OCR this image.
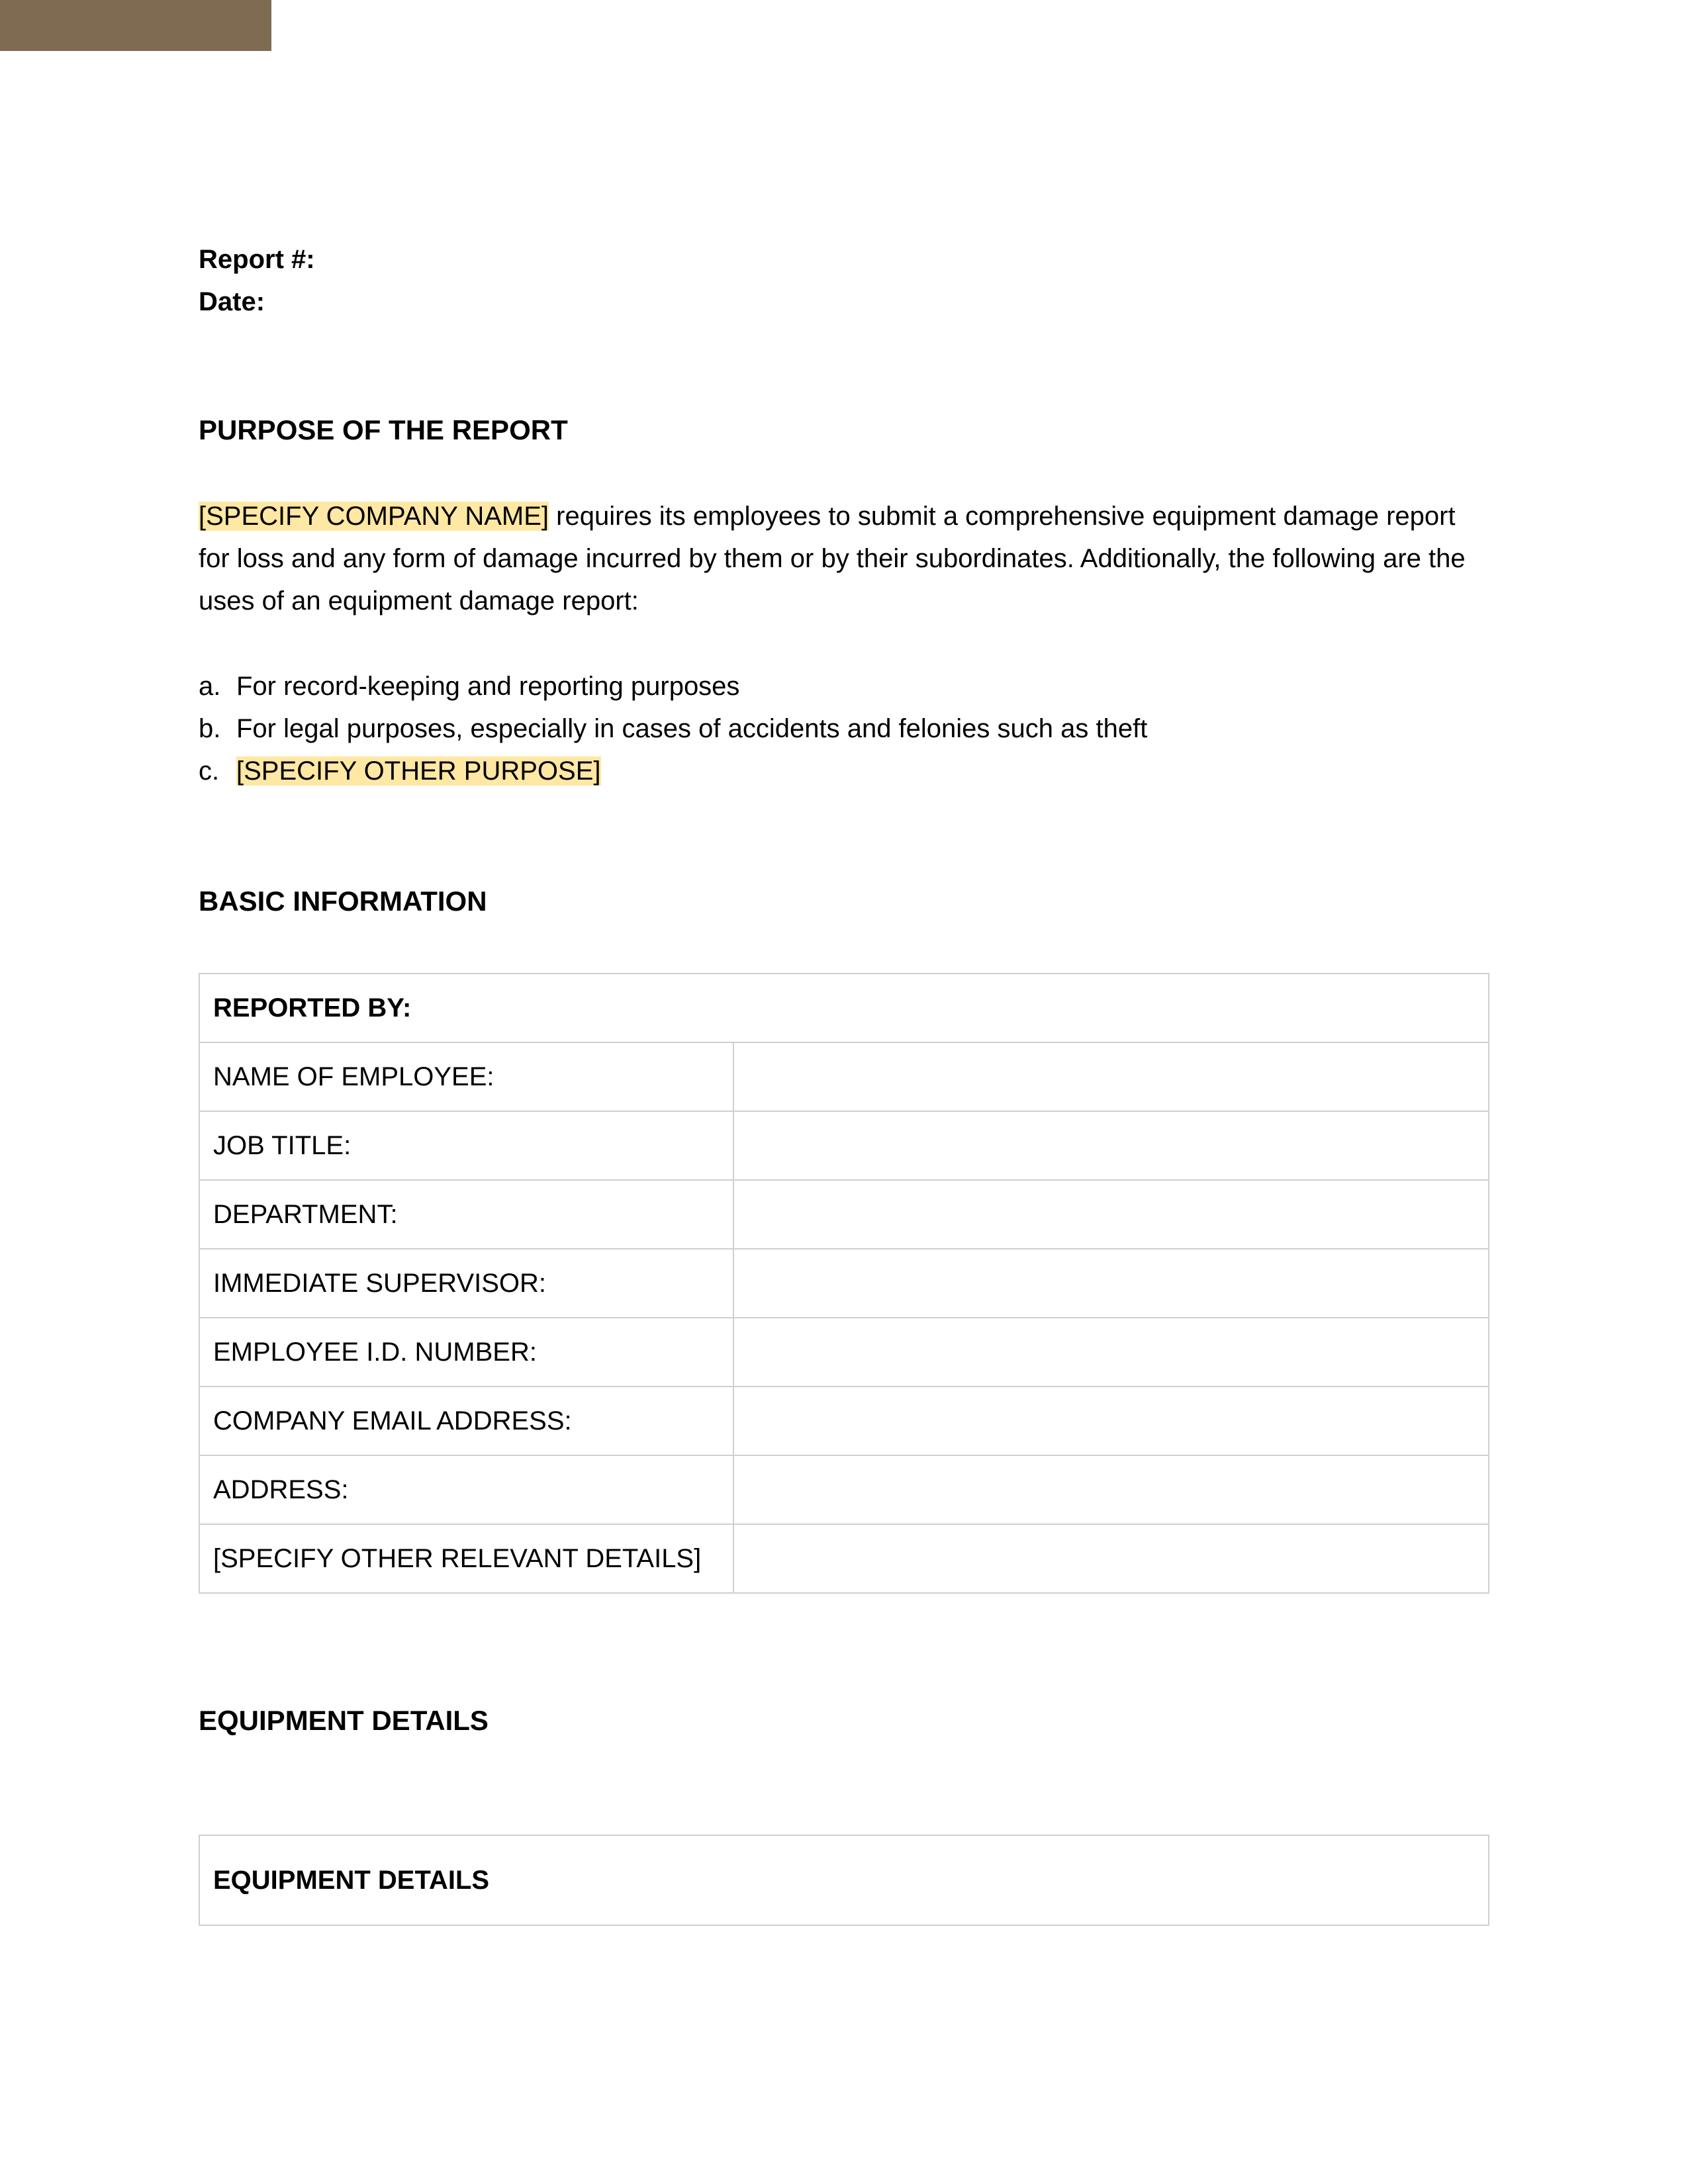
Report #:

Date:

PURPOSE OF THE REPORT

[SPECIFY COMPANY NAME] requires its employees to submit a comprehensive equipment damage report for loss and any form of damage incurred by them or by their subordinates. Additionally, the following are the uses of an equipment damage report:

a. For record-keeping and reporting purposes
b. For legal purposes, especially in cases of accidents and felonies such as theft
c. [SPECIFY OTHER PURPOSE]
BASIC INFORMATION
REPORTED BY:	
NAME OF EMPLOYEE:	
JOB TITLE:	
DEPARTMENT:	
IMMEDIATE SUPERVISOR:	
EMPLOYEE I.D. NUMBER:	
COMPANY EMAIL ADDRESS:	
ADDRESS:	
[SPECIFY OTHER RELEVANT DETAILS]	
EQUIPMENT DETAILS
EQUIPMENT DETAILS
